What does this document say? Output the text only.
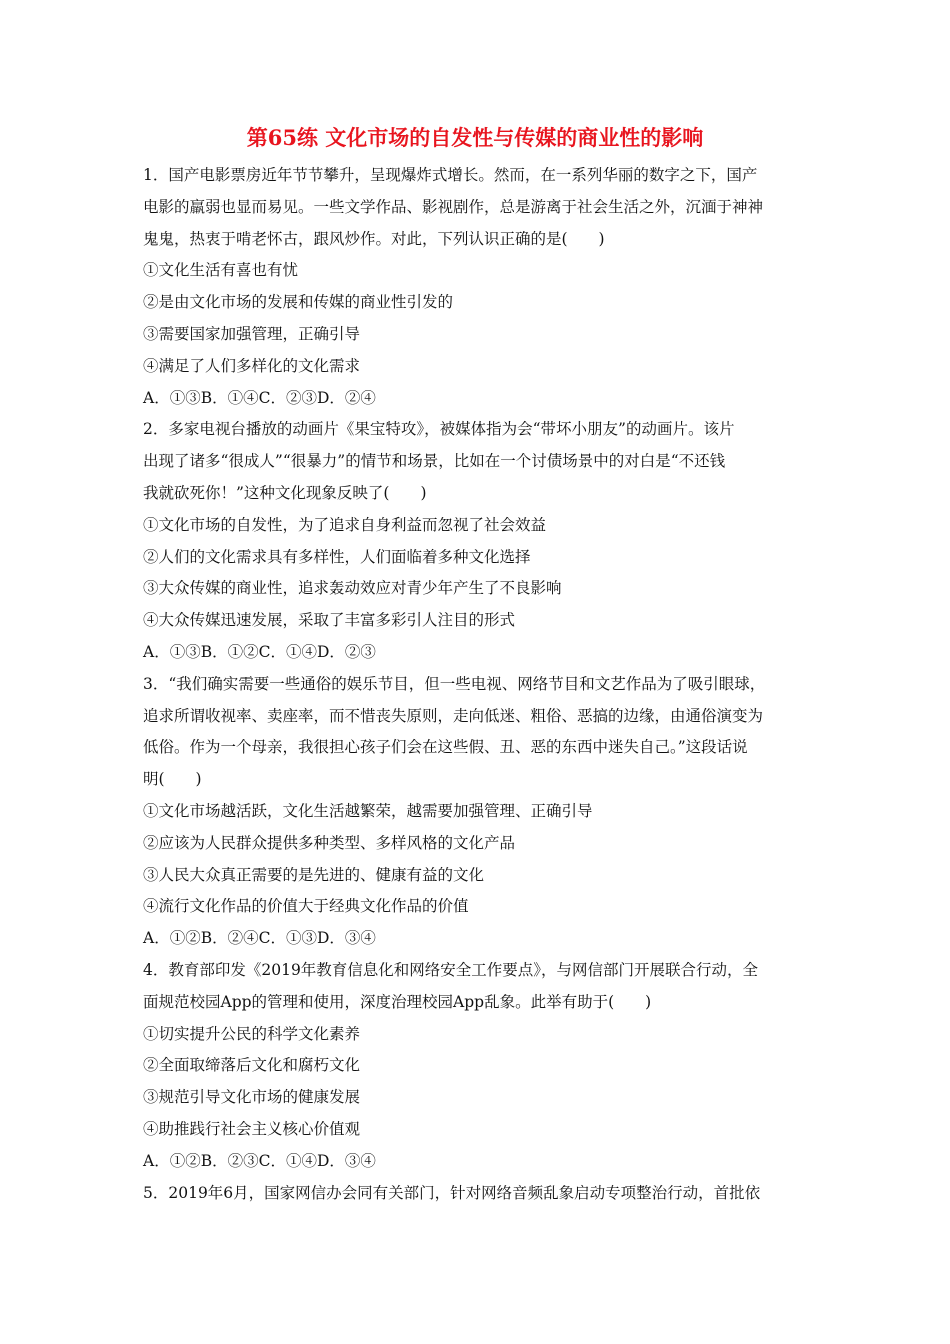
第65练 文化市场的自发性与传媒的商业性的影响
1．国产电影票房近年节节攀升，呈现爆炸式增长。然而，在一系列华丽的数字之下，国产
电影的羸弱也显而易见。一些文学作品、影视剧作，总是游离于社会生活之外，沉湎于神神
鬼鬼，热衷于啃老怀古，跟风炒作。对此，下列认识正确的是(　　)
①文化生活有喜也有忧
②是由文化市场的发展和传媒的商业性引发的
③需要国家加强管理，正确引导
④满足了人们多样化的文化需求
A．①③B．①④C．②③D．②④
2．多家电视台播放的动画片《果宝特攻》，被媒体指为会“带坏小朋友”的动画片。该片
出现了诸多“很成人”“很暴力”的情节和场景，比如在一个讨债场景中的对白是“不还钱
我就砍死你！”这种文化现象反映了(　　)
①文化市场的自发性，为了追求自身利益而忽视了社会效益
②人们的文化需求具有多样性，人们面临着多种文化选择
③大众传媒的商业性，追求轰动效应对青少年产生了不良影响
④大众传媒迅速发展，采取了丰富多彩引人注目的形式
A．①③B．①②C．①④D．②③
3．“我们确实需要一些通俗的娱乐节目，但一些电视、网络节目和文艺作品为了吸引眼球，
追求所谓收视率、卖座率，而不惜丧失原则，走向低迷、粗俗、恶搞的边缘，由通俗演变为
低俗。作为一个母亲，我很担心孩子们会在这些假、丑、恶的东西中迷失自己。”这段话说
明(　　)
①文化市场越活跃，文化生活越繁荣，越需要加强管理、正确引导
②应该为人民群众提供多种类型、多样风格的文化产品
③人民大众真正需要的是先进的、健康有益的文化
④流行文化作品的价值大于经典文化作品的价值
A．①②B．②④C．①③D．③④
4．教育部印发《2019年教育信息化和网络安全工作要点》，与网信部门开展联合行动，全
面规范校园App的管理和使用，深度治理校园App乱象。此举有助于(　　)
①切实提升公民的科学文化素养
②全面取缔落后文化和腐朽文化
③规范引导文化市场的健康发展
④助推践行社会主义核心价值观
A．①②B．②③C．①④D．③④
5．2019年6月，国家网信办会同有关部门，针对网络音频乱象启动专项整治行动，首批依
